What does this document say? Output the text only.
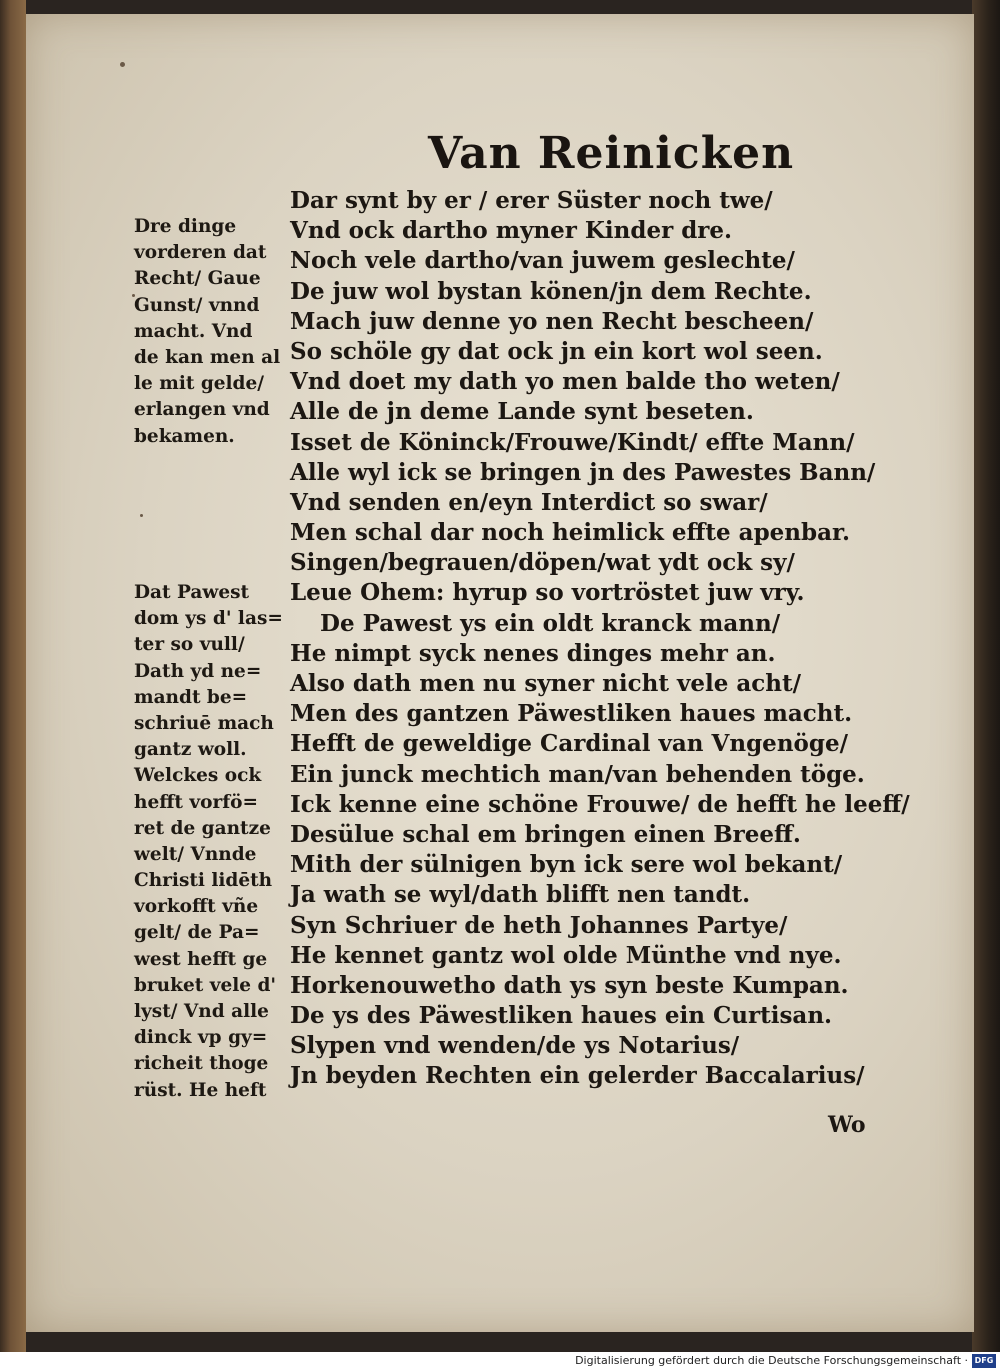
Van Reinicken
Dar synt by er / erer Süster noch twe/
Vnd ock dartho myner Kinder dre.
Noch vele dartho/van juwem geslechte/
De juw wol bystan könen/jn dem Rechte.
Mach juw denne yo nen Recht bescheen/
So schöle gy dat ock jn ein kort wol seen.
Vnd doet my dath yo men balde tho weten/
Alle de jn deme Lande synt beseten.
Isset de Köninck/Frouwe/Kindt/ effte Mann/
Alle wyl ick se bringen jn des Pawestes Bann/
Vnd senden en/eyn Interdict so swar/
Men schal dar noch heimlick effte apenbar.
Singen/begrauen/döpen/wat ydt ock sy/
Leue Ohem: hyrup so vortröstet juw vry.
De Pawest ys ein oldt kranck mann/
He nimpt syck nenes dinges mehr an.
Also dath men nu syner nicht vele acht/
Men des gantzen Päwestliken haues macht.
Hefft de geweldige Cardinal van Vngenöge/
Ein junck mechtich man/van behenden töge.
Ick kenne eine schöne Frouwe/ de hefft he leeff/
Desülue schal em bringen einen Breeff.
Mith der sülnigen byn ick sere wol bekant/
Ja wath se wyl/dath blifft nen tandt.
Syn Schriuer de heth Johannes Partye/
He kennet gantz wol olde Münthe vnd nye.
Horkenouwetho dath ys syn beste Kumpan.
De ys des Päwestliken haues ein Curtisan.
Slypen vnd wenden/de ys Notarius/
Jn beyden Rechten ein gelerder Baccalarius/
Dre dinge
vorderen dat
Recht/ Gaue
Gunst/ vnnd
macht. Vnd
de kan men al
le mit gelde/
erlangen vnd
bekamen.
Dat Pawest
dom ys d' las=
ter so vull/
Dath yd ne=
mandt be=
schriuē mach
gantz woll.
Welckes ock
hefft vorfö=
ret de gantze
welt/ Vnnde
Christi lidēth
vorkofft vñe
gelt/ de Pa=
west hefft ge
bruket vele d'
lyst/ Vnd alle
dinck vp gy=
richeit thoge
rüst. He heft
Wo
Digitalisierung gefördert durch die Deutsche Forschungsgemeinschaft · DFG
